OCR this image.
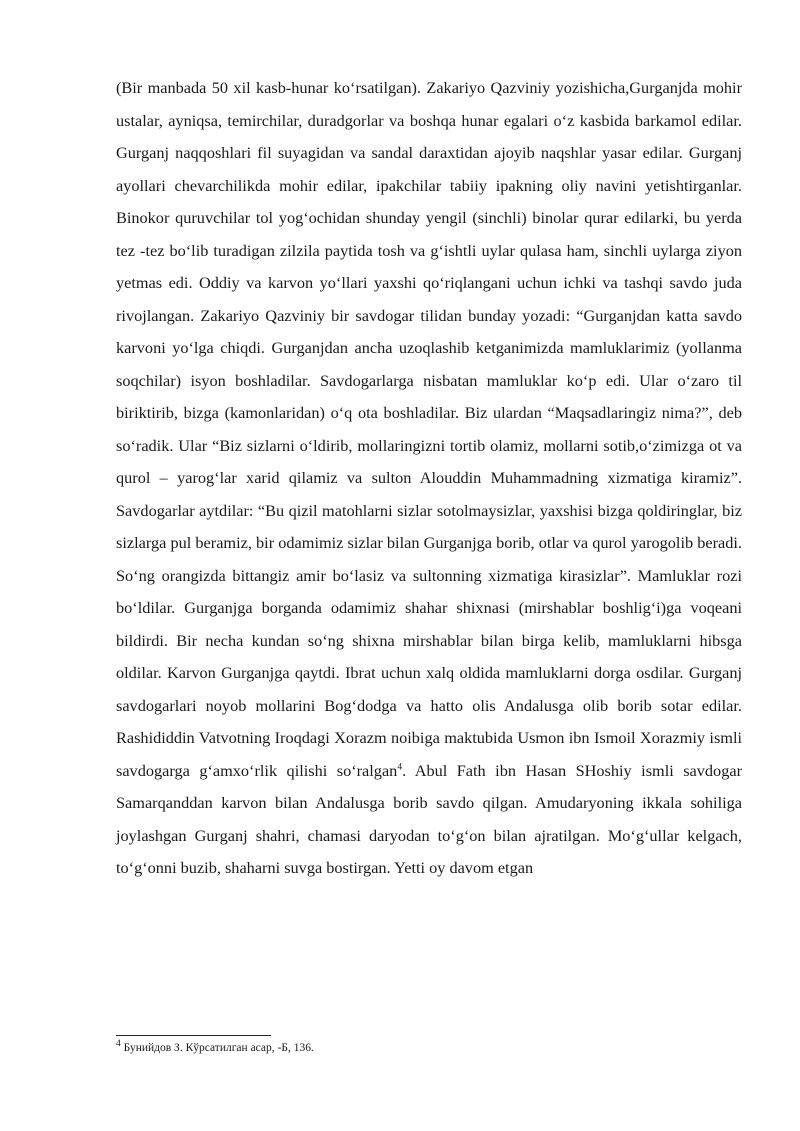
(Bir manbada 50 xil kasb-hunar ko‘rsatilgan). Zakariyo Qazviniy yozishicha,Gurganjda mohir ustalar, ayniqsa, temirchilar, duradgorlar va boshqa hunar egalari o‘z kasbida barkamol edilar. Gurganj naqqoshlari fil suyagidan va sandal daraxtidan ajoyib naqshlar yasar edilar. Gurganj ayollari chevarchilikda mohir edilar, ipakchilar tabiiy ipakning oliy navini yetishtirganlar. Binokor quruvchilar tol yog‘ochidan shunday yengil (sinchli) binolar qurar edilarki, bu yerda tez -tez bo‘lib turadigan zilzila paytida tosh va g‘ishtli uylar qulasa ham, sinchli uylarga ziyon yetmas edi. Oddiy va karvon yo‘llari yaxshi qo‘riqlangani uchun ichki va tashqi savdo juda rivojlangan. Zakariyo Qazviniy bir savdogar tilidan bunday yozadi: “Gurganjdan katta savdo karvoni yo‘lga chiqdi. Gurganjdan ancha uzoqlashib ketganimizda mamluklarimiz (yollanma soqchilar) isyon boshladilar. Savdogarlarga nisbatan mamluklar ko‘p edi. Ular o‘zaro til biriktirib, bizga (kamonlaridan) o‘q ota boshladilar. Biz ulardan “Maqsadlaringiz nima?”, deb so‘radik. Ular “Biz sizlarni o‘ldirib, mollaringizni tortib olamiz, mollarni sotib,o‘zimizga ot va qurol – yarog‘lar xarid qilamiz va sulton Alouddin Muhammadning xizmatiga kiramiz”. Savdogarlar aytdilar: “Bu qizil matohlarni sizlar sotolmaysizlar, yaxshisi bizga qoldiringlar, biz sizlarga pul beramiz, bir odamimiz sizlar bilan Gurganjga borib, otlar va qurol yarogolib beradi. So‘ng orangizda bittangiz amir bo‘lasiz va sultonning xizmatiga kirasizlar”. Mamluklar rozi bo‘ldilar. Gurganjga borganda odamimiz shahar shixnasi (mirshablar boshlig‘i)ga voqeani bildirdi. Bir necha kundan so‘ng shixna mirshablar bilan birga kelib, mamluklarni hibsga oldilar. Karvon Gurganjga qaytdi. Ibrat uchun xalq oldida mamluklarni dorga osdilar. Gurganj savdogarlari noyob mollarini Bog‘dodga va hatto olis Andalusga olib borib sotar edilar. Rashididdin Vatvotning Iroqdagi Xorazm noibiga maktubida Usmon ibn Ismoil Xorazmiy ismli savdogarga g‘amxo‘rlik qilishi so‘ralgan$^4$. Abul Fath ibn Hasan SHoshiy ismli savdogar Samarqanddan karvon bilan Andalusga borib savdo qilgan. Amudaryoning ikkala sohiliga joylashgan Gurganj shahri, chamasi daryodan to‘g‘on bilan ajratilgan. Mo‘g‘ullar kelgach, to‘g‘onni buzib, shaharni suvga bostirgan. Yetti oy davom etgan

$^4$ Бунийдов З. Кўрсатилган асар, -Б, 136.
